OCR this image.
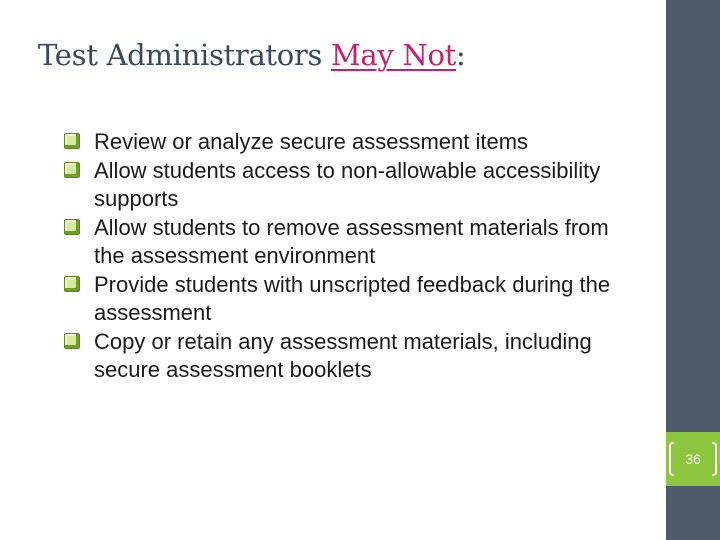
Test Administrators May Not:
Review or analyze secure assessment items
Allow students access to non-allowable accessibility supports
Allow students to remove assessment materials from the assessment environment
Provide students with unscripted feedback during the assessment
Copy or retain any assessment materials, including secure assessment booklets
36
